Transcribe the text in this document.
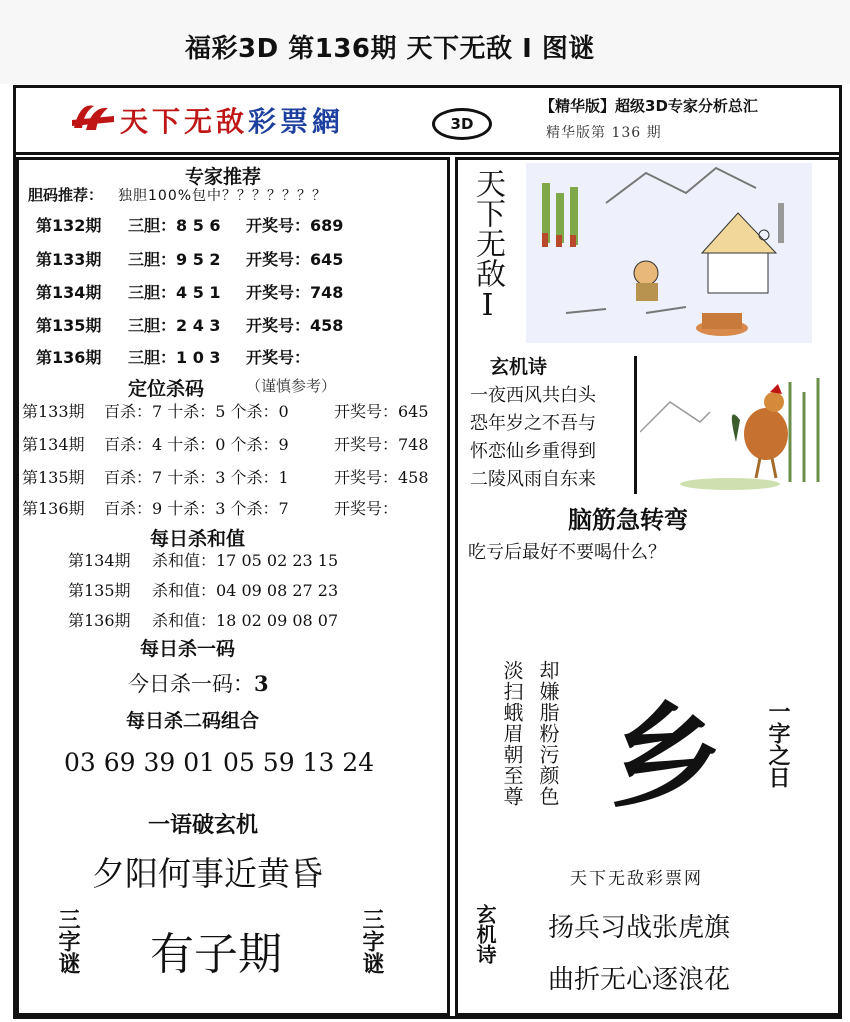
福彩3D 第136期 天下无敌 I 图谜
天下无敌彩票網	3D
【精华版】超级3D专家分析总汇
精华版第 136 期
专家推荐
胆码推荐： 独胆100%包中？？？？？？？
第132期 三胆：8 5 6 开奖号：689
第133期 三胆：9 5 2 开奖号：645
第134期 三胆：4 5 1 开奖号：748
第135期 三胆：2 4 3 开奖号：458
第136期 三胆：1 0 3 开奖号：
定位杀码	（谨慎参考）
第133期 百杀：7 十杀：5 个杀：0	开奖号：645
第134期 百杀：4 十杀：0 个杀：9	开奖号：748
第135期 百杀：7 十杀：3 个杀：1	开奖号：458
第136期 百杀：9 十杀：3 个杀：7	开奖号：
每日杀和值
第134期 杀和值：17 05 02 23 15
第135期 杀和值：04 09 08 27 23
第136期 杀和值：18 02 09 08 07
每日杀一码
今日杀一码：3
每日杀二码组合
03 69 39 01 05 59 13 24
一语破玄机
夕阳何事近黄昏
三字谜 有子期	三字谜
天下无敌I
玄机诗
一夜西风共白头
恐年岁之不吾与
怀恋仙乡重得到
二陵风雨自东来
脑筋急转弯
吃亏后最好不要喝什么？
淡扫蛾眉朝至尊 却嫌脂粉污颜色 乡 一字之日
天下无敌彩票网
玄机诗 扬兵习战张虎旗
曲折无心逐浪花
